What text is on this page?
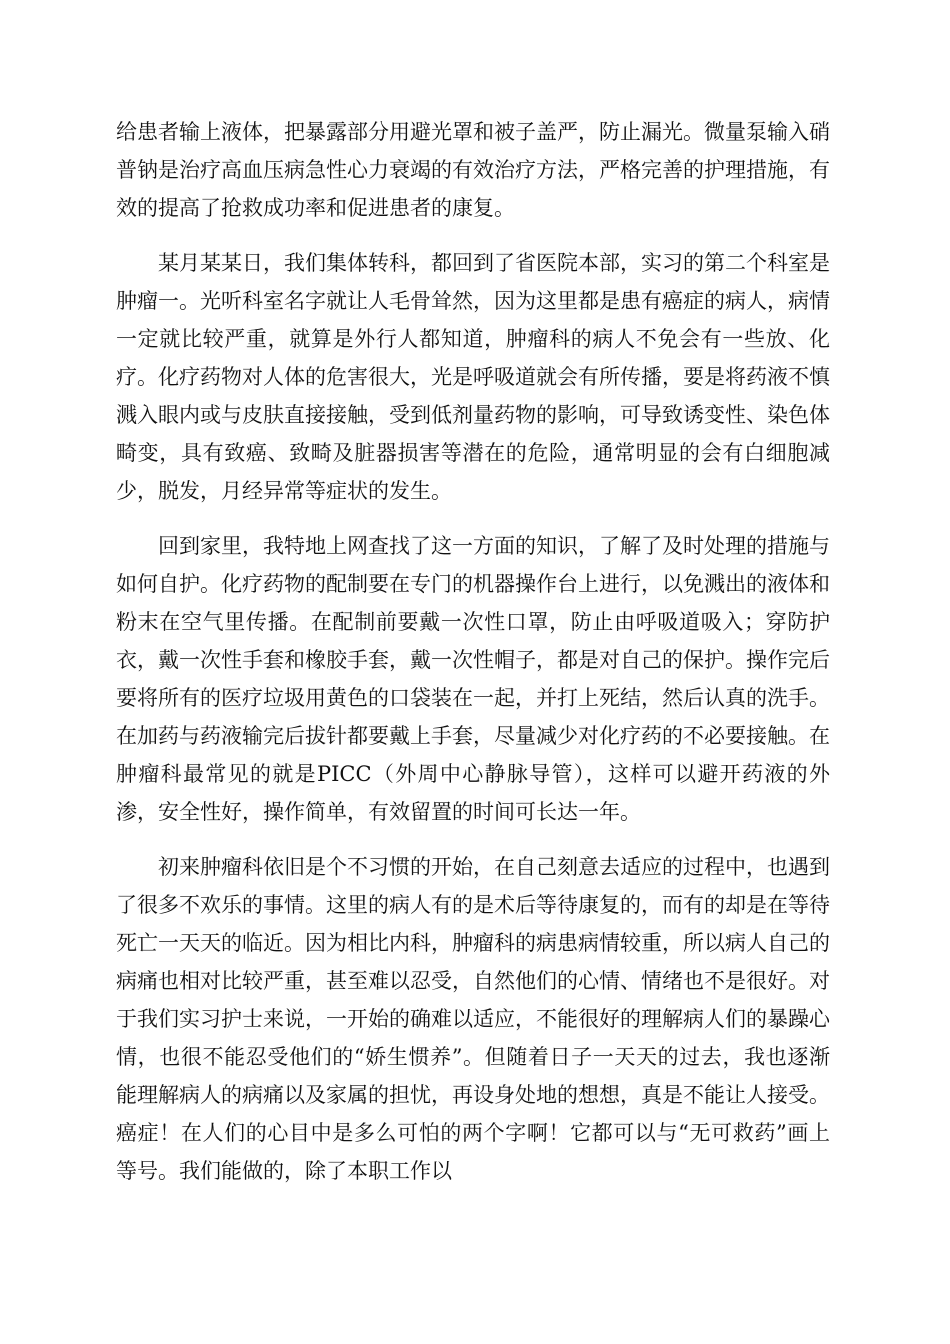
给患者输上液体，把暴露部分用避光罩和被子盖严，防止漏光。微量泵输入硝普钠是治疗高血压病急性心力衰竭的有效治疗方法，严格完善的护理措施，有效的提高了抢救成功率和促进患者的康复。

某月某某日，我们集体转科，都回到了省医院本部，实习的第二个科室是肿瘤一。光听科室名字就让人毛骨耸然，因为这里都是患有癌症的病人，病情一定就比较严重，就算是外行人都知道，肿瘤科的病人不免会有一些放、化疗。化疗药物对人体的危害很大，光是呼吸道就会有所传播，要是将药液不慎溅入眼内或与皮肤直接接触，受到低剂量药物的影响，可导致诱变性、染色体畸变，具有致癌、致畸及脏器损害等潜在的危险，通常明显的会有白细胞减少，脱发，月经异常等症状的发生。

回到家里，我特地上网查找了这一方面的知识，了解了及时处理的措施与如何自护。化疗药物的配制要在专门的机器操作台上进行，以免溅出的液体和粉末在空气里传播。在配制前要戴一次性口罩，防止由呼吸道吸入；穿防护衣，戴一次性手套和橡胶手套，戴一次性帽子，都是对自己的保护。操作完后要将所有的医疗垃圾用黄色的口袋装在一起，并打上死结，然后认真的洗手。在加药与药液输完后拔针都要戴上手套，尽量减少对化疗药的不必要接触。在肿瘤科最常见的就是PICC（外周中心静脉导管），这样可以避开药液的外渗，安全性好，操作简单，有效留置的时间可长达一年。

初来肿瘤科依旧是个不习惯的开始，在自己刻意去适应的过程中，也遇到了很多不欢乐的事情。这里的病人有的是术后等待康复的，而有的却是在等待死亡一天天的临近。因为相比内科，肿瘤科的病患病情较重，所以病人自己的病痛也相对比较严重，甚至难以忍受，自然他们的心情、情绪也不是很好。对于我们实习护士来说，一开始的确难以适应，不能很好的理解病人们的暴躁心情，也很不能忍受他们的“娇生惯养”。但随着日子一天天的过去，我也逐渐能理解病人的病痛以及家属的担忧，再设身处地的想想，真是不能让人接受。癌症！在人们的心目中是多么可怕的两个字啊！它都可以与“无可救药”画上等号。我们能做的，除了本职工作以
